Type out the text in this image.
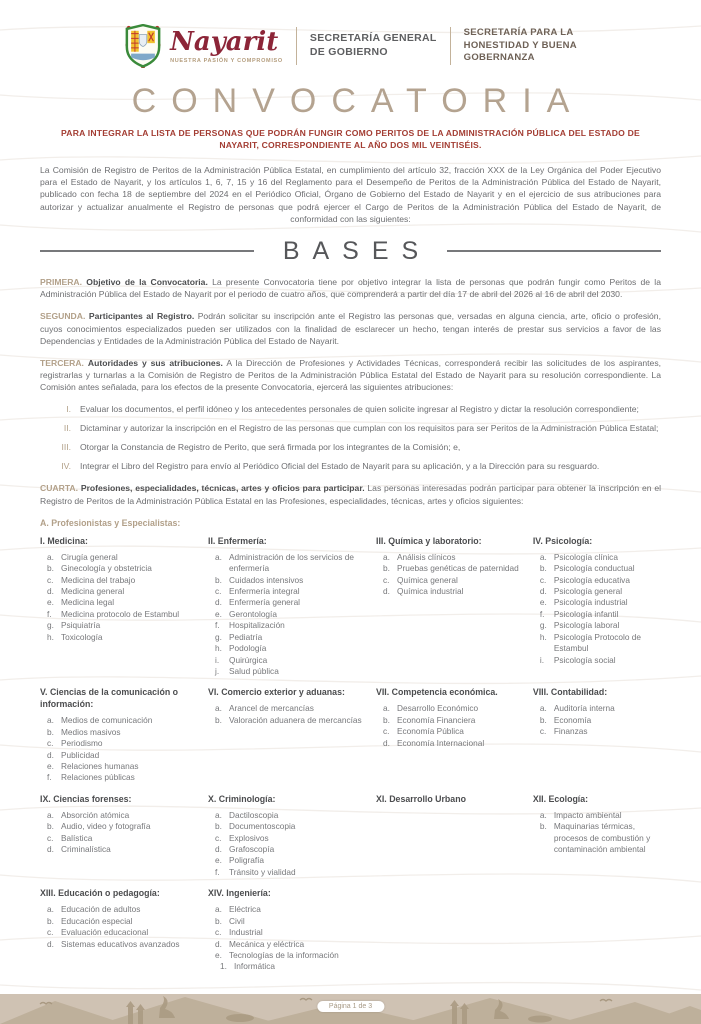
Nayarit
NUESTRA PASIÓN Y COMPROMISO
SECRETARÍA GENERAL
DE GOBIERNO
SECRETARÍA PARA LA
HONESTIDAD Y BUENA
GOBERNANZA
CONVOCATORIA
PARA INTEGRAR LA LISTA DE PERSONAS QUE PODRÁN FUNGIR COMO PERITOS DE LA ADMINISTRACIÓN PÚBLICA DEL ESTADO DE NAYARIT, CORRESPONDIENTE AL AÑO DOS MIL VEINTISÉIS.

La Comisión de Registro de Peritos de la Administración Pública Estatal, en cumplimiento del artículo 32, fracción XXX de la Ley Orgánica del Poder Ejecutivo para el Estado de Nayarit, y los artículos 1, 6, 7, 15 y 16 del Reglamento para el Desempeño de Peritos de la Administración Pública del Estado de Nayarit, publicado con fecha 18 de septiembre del 2024 en el Periódico Oficial, Órgano de Gobierno del Estado de Nayarit y en el ejercicio de sus atribuciones para autorizar y actualizar anualmente el Registro de personas que podrá ejercer el Cargo de Peritos de la Administración Pública del Estado de Nayarit, de conformidad con las siguientes:

BASES

PRIMERA. Objetivo de la Convocatoria. La presente Convocatoria tiene por objetivo integrar la lista de personas que podrán fungir como Peritos de la Administración Pública del Estado de Nayarit por el periodo de cuatro años, que comprenderá a partir del día 17 de abril del 2026 al 16 de abril del 2030.

SEGUNDA. Participantes al Registro. Podrán solicitar su inscripción ante el Registro las personas que, versadas en alguna ciencia, arte, oficio o profesión, cuyos conocimientos especializados pueden ser utilizados con la finalidad de esclarecer un hecho, tengan interés de prestar sus servicios a favor de las Dependencias y Entidades de la Administración Pública del Estado de Nayarit.

TERCERA. Autoridades y sus atribuciones. A la Dirección de Profesiones y Actividades Técnicas, corresponderá recibir las solicitudes de los aspirantes, registrarlas y turnarlas a la Comisión de Registro de Peritos de la Administración Pública Estatal del Estado de Nayarit para su resolución correspondiente. La Comisión antes señalada, para los efectos de la presente Convocatoria, ejercerá las siguientes atribuciones:

I. Evaluar los documentos, el perfil idóneo y los antecedentes personales de quien solicite ingresar al Registro y dictar la resolución correspondiente;
II. Dictaminar y autorizar la inscripción en el Registro de las personas que cumplan con los requisitos para ser Peritos de la Administración Pública Estatal;
III. Otorgar la Constancia de Registro de Perito, que será firmada por los integrantes de la Comisión; e,
IV. Integrar el Libro del Registro para envío al Periódico Oficial del Estado de Nayarit para su aplicación, y a la Dirección para su resguardo.

CUARTA. Profesiones, especialidades, técnicas, artes y oficios para participar. Las personas interesadas podrán participar para obtener la inscripción en el Registro de Peritos de la Administración Pública Estatal en las Profesiones, especialidades, técnicas, artes y oficios siguientes:

A. Profesionistas y Especialistas:
I. Medicina:
Cirugía general
Ginecología y obstetricia
Medicina del trabajo
Medicina general
Medicina legal
Medicina protocolo de Estambul
Psiquiatría
Toxicología
II. Enfermería:
Administración de los servicios de enfermería
Cuidados intensivos
Enfermería integral
Enfermería general
Gerontología
Hospitalización
Pediatría
Podología
Quirúrgica
Salud pública
III. Química y laboratorio:
Análisis clínicos
Pruebas genéticas de paternidad
Química general
Química industrial
IV. Psicología:
Psicología clínica
Psicología conductual
Psicología educativa
Psicología general
Psicología industrial
Psicología infantil
Psicología laboral
Psicología Protocolo de Estambul
Psicología social
V. Ciencias de la comunicación o información:
Medios de comunicación
Medios masivos
Periodismo
Publicidad
Relaciones humanas
Relaciones públicas
VI. Comercio exterior y aduanas:
Arancel de mercancías
Valoración aduanera de mercancías
VII. Competencia económica.
Desarrollo Económico
Economía Financiera
Economía Pública
Economía Internacional
VIII. Contabilidad:
Auditoría interna
Economía
Finanzas
IX. Ciencias forenses:
Absorción atómica
Audio, video y fotografía
Balística
Criminalística
X. Criminología:
Dactiloscopia
Documentoscopia
Explosivos
Grafoscopía
Poligrafía
Tránsito y vialidad
XI. Desarrollo Urbano	XII. Ecología:
Impacto ambiental
Maquinarias térmicas, procesos de combustión y contaminación ambiental
XIII. Educación o pedagogía:
Educación de adultos
Educación especial
Evaluación educacional
Sistemas educativos avanzados
XIV. Ingeniería:
Eléctrica
Civil
Industrial
Mecánica y eléctrica
Tecnologías de la información
Informática
Página 1 de 3
